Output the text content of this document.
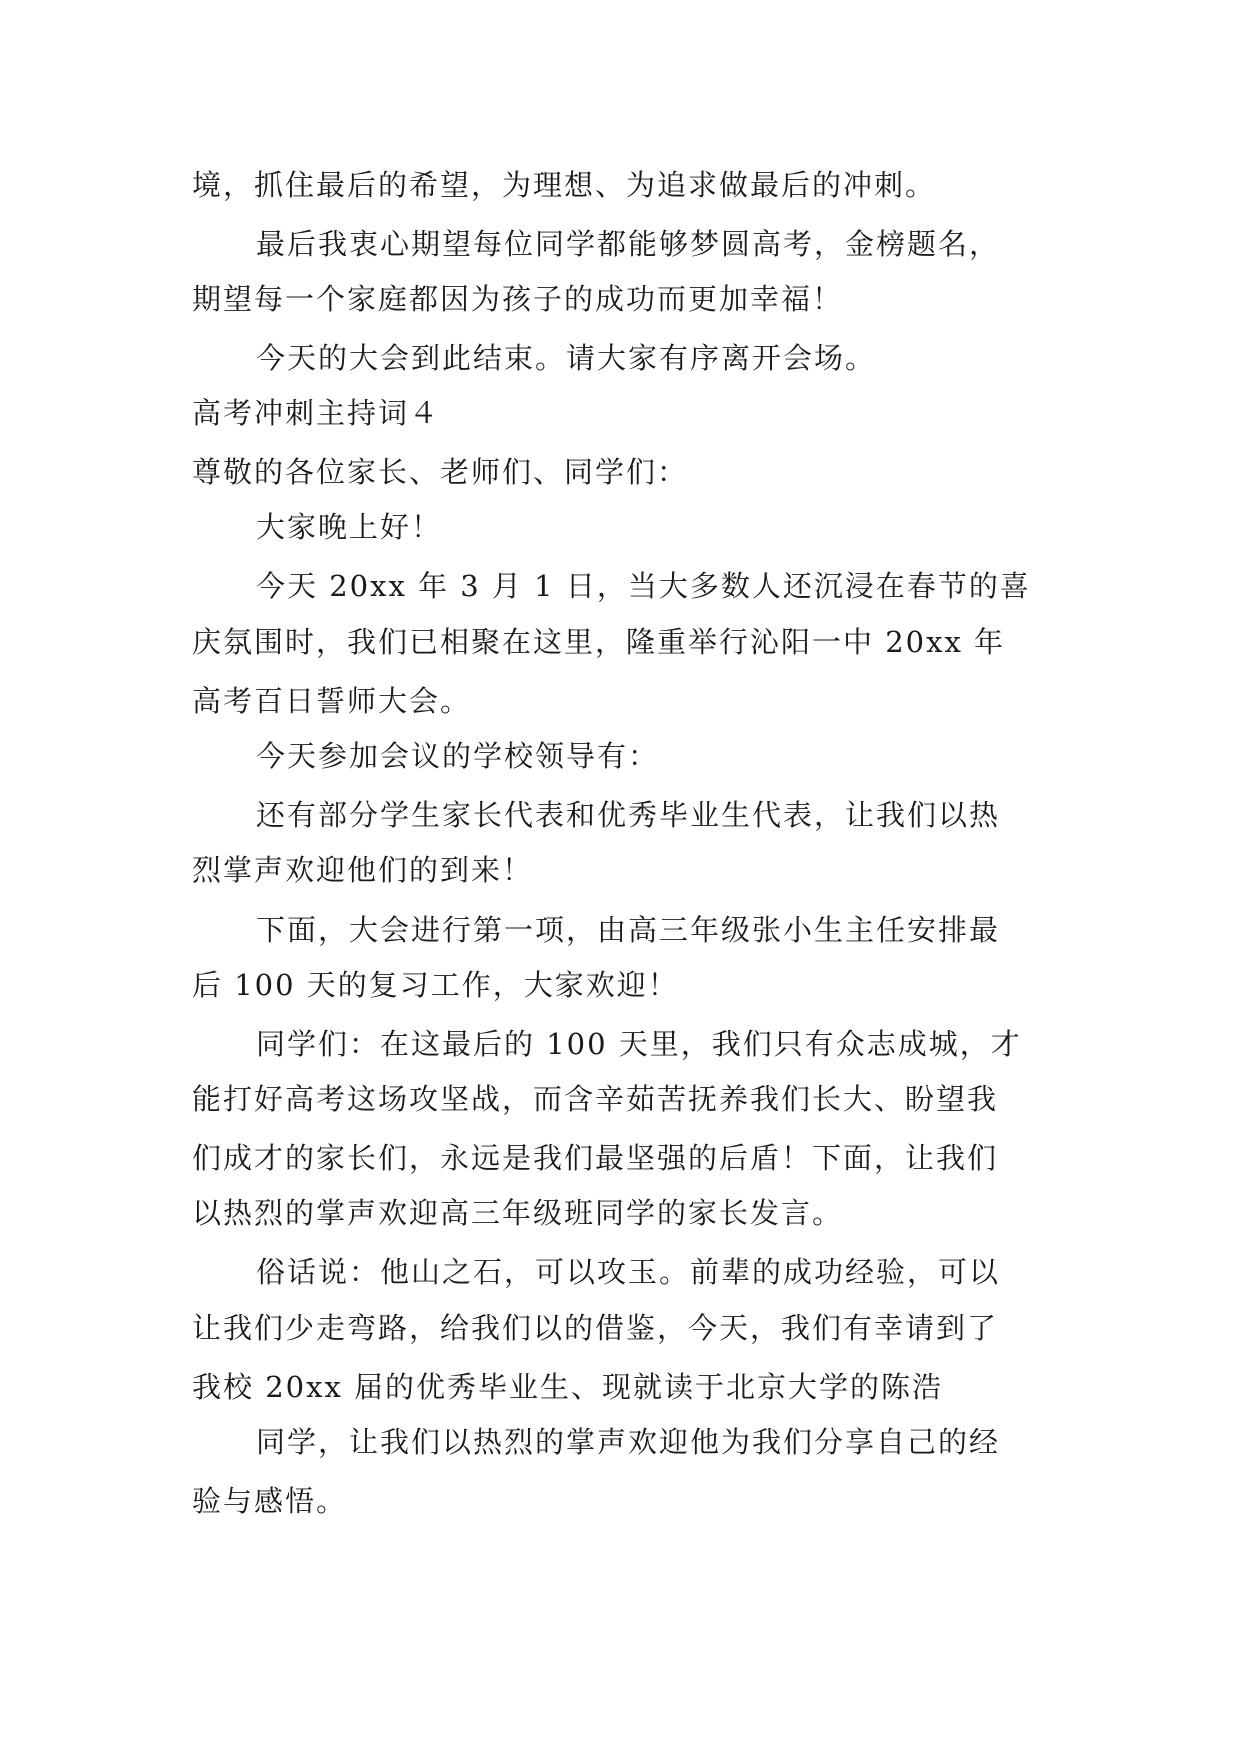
境，抓住最后的希望，为理想、为追求做最后的冲刺。
最后我衷心期望每位同学都能够梦圆高考，金榜题名，
期望每一个家庭都因为孩子的成功而更加幸福！
今天的大会到此结束。请大家有序离开会场。
高考冲刺主持词４
尊敬的各位家长、老师们、同学们：
大家晚上好！
今天 20xx 年 3 月 1 日，当大多数人还沉浸在春节的喜
庆氛围时，我们已相聚在这里，隆重举行沁阳一中 20xx 年
高考百日誓师大会。
今天参加会议的学校领导有：
还有部分学生家长代表和优秀毕业生代表，让我们以热
烈掌声欢迎他们的到来！
下面，大会进行第一项，由高三年级张小生主任安排最
后 100 天的复习工作，大家欢迎！
同学们：在这最后的 100 天里，我们只有众志成城，才
能打好高考这场攻坚战，而含辛茹苦抚养我们长大、盼望我
们成才的家长们，永远是我们最坚强的后盾！下面，让我们
以热烈的掌声欢迎高三年级班同学的家长发言。
俗话说：他山之石，可以攻玉。前辈的成功经验，可以
让我们少走弯路，给我们以的借鉴，今天，我们有幸请到了
我校 20xx 届的优秀毕业生、现就读于北京大学的陈浩
同学，让我们以热烈的掌声欢迎他为我们分享自己的经
验与感悟。
